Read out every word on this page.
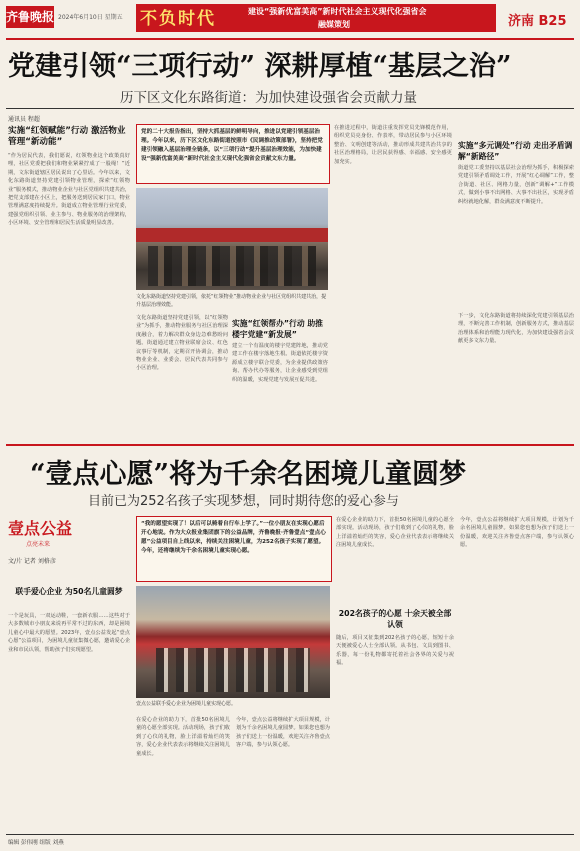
齐鲁晚报 2024年6月10日 星期五 不负时代	建设“强新优富美高”新时代社会主义现代化强省会
融媒策划	济南 B25
党建引领“三项行动” 深耕厚植“基层之治”
历下区文化东路街道：为加快建设强省会贡献力量
通讯员 程超
实施“红领赋能”行动 激活物业管理“新动能”
“作为居民代表，我们愿说，红领物业这个政策真好哩，社区党委把我们和物业紧紧拧成了一股绳！”近期，文东街道辖区居民说出了心里话。今年以来，文化东路街道坚持党建引领物业管理，探索“红领物业”服务模式，推动物业企业与社区党组织共建共治，把党支部建在小区上，把服务送到居民家门口，物业管理满意度持续提升。街道成立物业管理行业党委，建强党组织引领、业主参与、物业服务的治理架构，小区环境、安全管理和居民生活质量明显改善。
党的二十大报告指出，坚持大抓基层的鲜明导向，推进以党建引领基层治理。今年以来，历下区文化东路街道按照市《民调推动策部署》，坚持把党建引领融入基层治理全链条，以“三项行动”提升基层治理效能，为加快建设“强新优富美高”新时代社会主义现代化强省会贡献文东力量。
文化东路街道坚持党建引领，依托“红领物业”推动物业企业与社区党组织共建共治，提升基层治理效能。
文化东路街道坚持党建引领，以“红领物业”为抓手，推动物业服务与社区治理深度融合，着力解决群众身边急难愁盼问题。街道通过建立物业联席会议、红色议事厅等机制，定期召开协调会，推动物业企业、业委会、居民代表共同参与小区治理。
实施“红领帮办”行动 助推楼宇党建“新发展”
建立一个有温度的楼宇党建阵地，推动党建工作在楼宇落地生根。街道依托楼宇资源成立楼宇联合党委，为企业提供政策咨询、帮办代办等服务，让企业感受到党组织的温暖，实现党建与发展互促共进。
在推进过程中，街道注重发挥党员先锋模范作用，组织党员亮身份、作表率，带动居民参与小区环境整治、文明创建等活动，推动形成共建共治共享的社区治理格局，让居民获得感、幸福感、安全感更加充实。
实施“多元调处”行动 走出矛盾调解“新路径”
街道党工委坚持以基层社会治理为抓手，积极探索党建引领矛盾调处工作，开展“红心调解”工作，整合街道、社区、网格力量，创新“调解+”工作模式，做到小事不出网格、大事不出社区，实现矛盾纠纷就地化解，群众满意度不断提升。
下一步，文化东路街道将持续深化党建引领基层治理，不断完善工作机制，创新服务方式，推动基层治理体系和治理能力现代化，为加快建设强省会贡献更多文东力量。
“壹点心愿”将为千余名困境儿童圆梦
目前已为252名孩子实现梦想，同时期待您的爱心参与
壹点公益
点亮未来
文/片 记者 刘格彦
联手爱心企业 为50名儿童圆梦
一个是玩具，一双运动鞋，一套新衣服……这些对于大多数城市小朋友来说再平常不过的东西，却是困境儿童心中最大的愿望。2023年，壹点公益发起“壹点心愿”公益项目，为困境儿童征集微心愿，邀请爱心企业和市民认领，帮助孩子们实现愿望。
“我的愿望实现了！以后可以骑着自行车上学了。”一位小朋友在实现心愿后开心地说。作为大众报业集团旗下的公益品牌，齐鲁晚报·齐鲁壹点“壹点心愿”公益项目自上线以来，持续关注困境儿童，为252名孩子实现了愿望。今年，还将继续为千余名困境儿童实现心愿。
壹点公益联手爱心企业为困境儿童实现心愿。
在爱心企业的助力下，首批50名困境儿童的心愿全部实现。活动现场，孩子们收到了心仪的礼物，脸上洋溢着灿烂的笑容，爱心企业代表表示将继续关注困境儿童成长。
今年，壹点公益将继续扩大项目规模，计划为千余名困境儿童圆梦。如果您也想为孩子们送上一份温暖，欢迎关注齐鲁壹点客户端，参与认领心愿。
202名孩子的心愿 十余天被全部认领
在爱心企业的助力下，首批50名困境儿童的心愿全部实现。活动现场，孩子们收到了心仪的礼物，脸上洋溢着灿烂的笑容，爱心企业代表表示将继续关注困境儿童成长。
随后，项目又征集到202名孩子的心愿，短短十余天便被爱心人士全部认领。从书包、文具到图书、乐器，每一份礼物都寄托着社会各界的关爱与祝福。
今年，壹点公益将继续扩大项目规模，计划为千余名困境儿童圆梦。如果您也想为孩子们送上一份温暖，欢迎关注齐鲁壹点客户端，参与认领心愿。
编辑 彭伟刚 组版 刘燕
